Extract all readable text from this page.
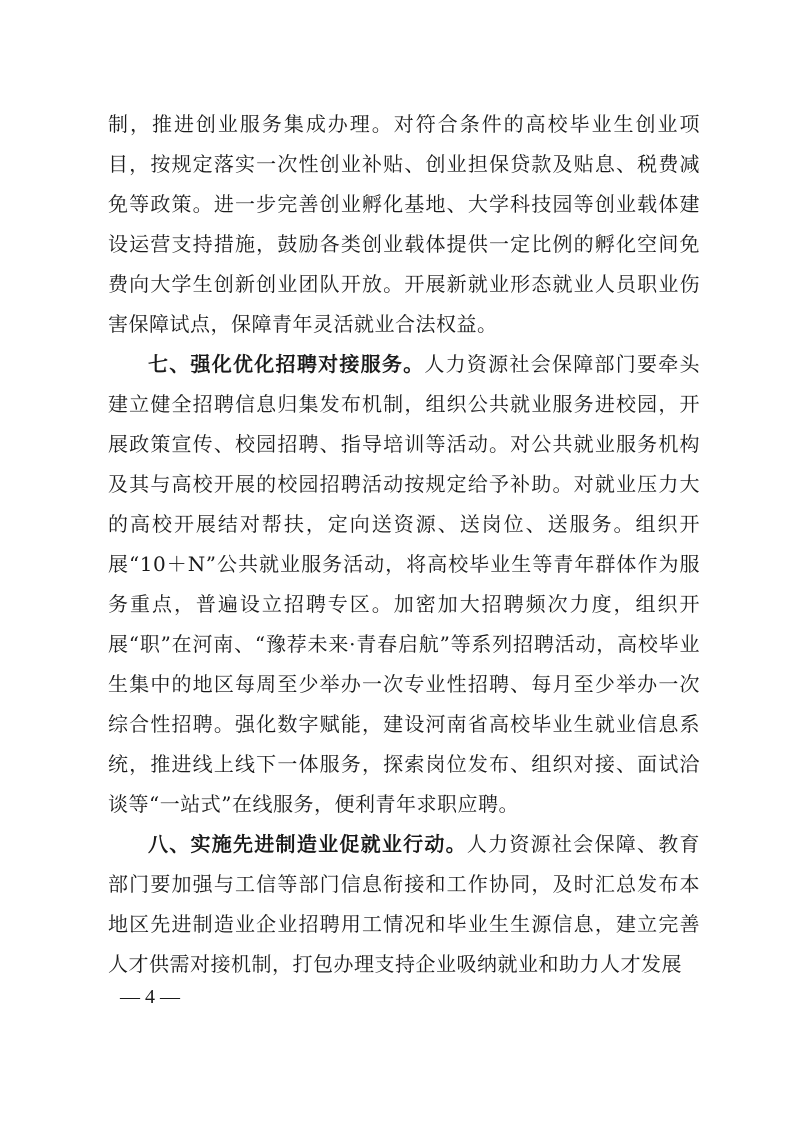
制，推进创业服务集成办理。对符合条件的高校毕业生创业项目，按规定落实一次性创业补贴、创业担保贷款及贴息、税费减免等政策。进一步完善创业孵化基地、大学科技园等创业载体建设运营支持措施，鼓励各类创业载体提供一定比例的孵化空间免费向大学生创新创业团队开放。开展新就业形态就业人员职业伤害保障试点，保障青年灵活就业合法权益。

七、强化优化招聘对接服务。人力资源社会保障部门要牵头建立健全招聘信息归集发布机制，组织公共就业服务进校园，开展政策宣传、校园招聘、指导培训等活动。对公共就业服务机构及其与高校开展的校园招聘活动按规定给予补助。对就业压力大的高校开展结对帮扶，定向送资源、送岗位、送服务。组织开展“10＋N”公共就业服务活动，将高校毕业生等青年群体作为服务重点，普遍设立招聘专区。加密加大招聘频次力度，组织开展“职”在河南、“豫荐未来·青春启航”等系列招聘活动，高校毕业生集中的地区每周至少举办一次专业性招聘、每月至少举办一次综合性招聘。强化数字赋能，建设河南省高校毕业生就业信息系统，推进线上线下一体服务，探索岗位发布、组织对接、面试洽谈等“一站式”在线服务，便利青年求职应聘。

八、实施先进制造业促就业行动。人力资源社会保障、教育部门要加强与工信等部门信息衔接和工作协同，及时汇总发布本地区先进制造业企业招聘用工情况和毕业生生源信息，建立完善人才供需对接机制，打包办理支持企业吸纳就业和助力人才发展

— 4 —
